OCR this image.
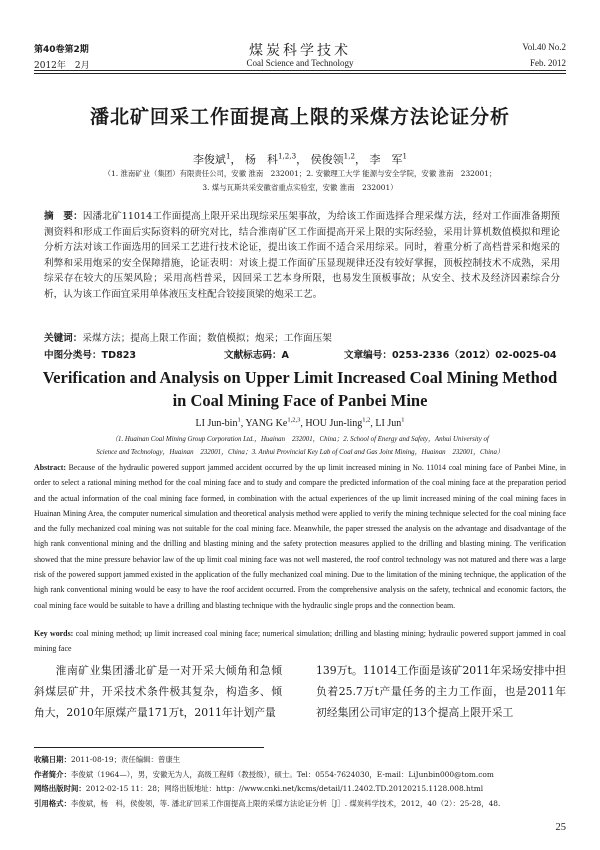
第40卷第2期
2012年　2月
煤炭科学技术
Coal Science and Technology
Vol.40 No.2
Feb. 2012
潘北矿回采工作面提高上限的采煤方法论证分析
李俊斌$^1$， 杨　科$^{1,2,3}$， 侯俊领$^{1,2}$， 李　军$^1$
（1. 淮南矿业（集团）有限责任公司，安徽 淮南　232001；2. 安徽理工大学 能源与安全学院，安徽 淮南　232001；
3. 煤与瓦斯共采安徽省重点实验室，安徽 淮南　232001）
摘　要：因潘北矿11014工作面提高上限开采出现综采压架事故，为给该工作面选择合理采煤方法，经对工作面准备期预测资料和形成工作面后实际资料的研究对比，结合淮南矿区工作面提高开采上限的实际经验，采用计算机数值模拟和理论分析方法对该工作面选用的回采工艺进行技术论证，提出该工作面不适合采用综采。同时，着重分析了高档普采和炮采的利弊和采用炮采的安全保障措施，论证表明：对该上提工作面矿压显现规律还没有较好掌握，顶板控制技术不成熟，采用综采存在较大的压架风险；采用高档普采，因回采工艺本身所限，也易发生顶板事故；从安全、技术及经济因素综合分析，认为该工作面宜采用单体液压支柱配合铰接顶梁的炮采工艺。
关键词：采煤方法；提高上限工作面；数值模拟；炮采；工作面压架
中图分类号：TD823	文献标志码：A	文章编号：0253-2336（2012）02-0025-04
Verification and Analysis on Upper Limit Increased Coal Mining Method in Coal Mining Face of Panbei Mine
LI Jun-bin$^1$, YANG Ke$^{1,2,3}$, HOU Jun-ling$^{1,2}$, LI Jun$^1$
（1. Huainan Coal Mining Group Corporation Ltd.，Huainan　232001，China；2. School of Energy and Safety，Anhui University of
Science and Technology，Huainan　232001，China；3. Anhui Provincial Key Lab of Coal and Gas Joint Mining，Huainan　232001，China）
Abstract: Because of the hydraulic powered support jammed accident occurred by the up limit increased mining in No. 11014 coal mining face of Panbei Mine, in order to select a rational mining method for the coal mining face and to study and compare the predicted information of the coal mining face at the preparation period and the actual information of the coal mining face formed, in combination with the actual experiences of the up limit increased mining of the coal mining faces in Huainan Mining Area, the computer numerical simulation and theoretical analysis method were applied to verify the mining technique selected for the coal mining face and the fully mechanized coal mining was not suitable for the coal mining face. Meanwhile, the paper stressed the analysis on the advantage and disadvantage of the high rank conventional mining and the drilling and blasting mining and the safety protection measures applied to the drilling and blasting mining. The verification showed that the mine pressure behavior law of the up limit coal mining face was not well mastered, the roof control technology was not matured and there was a large risk of the powered support jammed existed in the application of the fully mechanized coal mining. Due to the limitation of the mining technique, the application of the high rank conventional mining would be easy to have the roof accident occurred. From the comprehensive analysis on the safety, technical and economic factors, the coal mining face would be suitable to have a drilling and blasting technique with the hydraulic single props and the connection beam.
Key words: coal mining method; up limit increased coal mining face; numerical simulation; drilling and blasting mining; hydraulic powered support jammed in coal mining face
淮南矿业集团潘北矿是一对开采大倾角和急倾斜煤层矿井，开采技术条件极其复杂，构造多、倾角大，2010年原煤产量171万t，2011年计划产量
139万t。11014工作面是该矿2011年采场安排中担负着25.7万t产量任务的主力工作面，也是2011年初经集团公司审定的13个提高上限开采工
收稿日期：2011-08-19；责任编辑：曾康生
作者简介：李俊斌（1964—），男，安徽无为人，高级工程师（教授级），硕士。Tel：0554-7624030，E-mail：LiJunbin000@tom.com
网络出版时间：2012-02-15 11：28；网络出版地址：http：//www.cnki.net/kcms/detail/11.2402.TD.20120215.1128.008.html
引用格式：李俊斌，杨　科，侯俊领，等. 潘北矿回采工作面提高上限的采煤方法论证分析［J］. 煤炭科学技术，2012，40（2）：25-28，48.
25
